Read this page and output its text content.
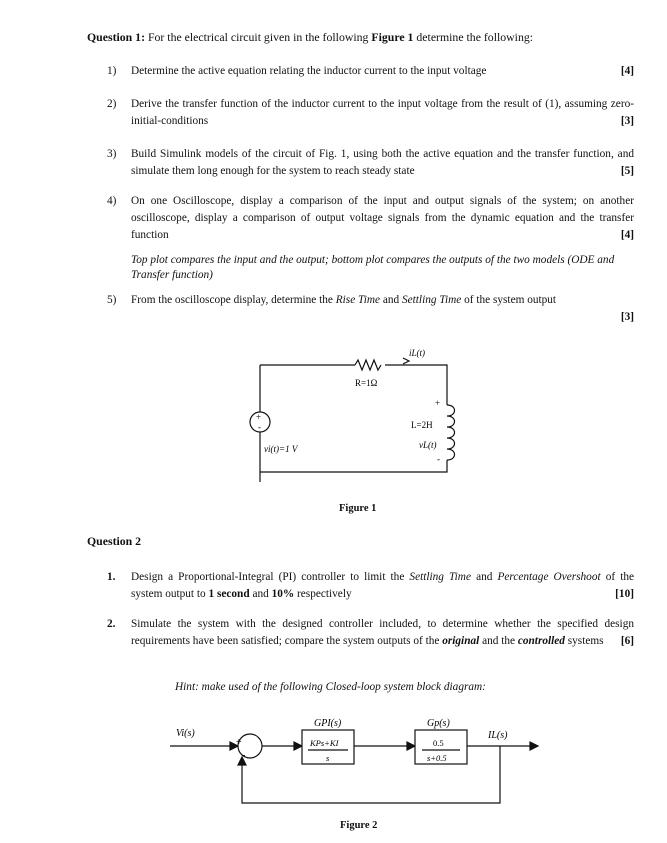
Question 1: For the electrical circuit given in the following Figure 1 determine the following:
1)	[4]
Determine the active equation relating the inductor current to the input voltage
2) Derive the transfer function of the inductor current to the input voltage from the result of (1), assuming zero-initial-conditions	[3]
3) Build Simulink models of the circuit of Fig. 1, using both the active equation and the transfer function, and simulate them long enough for the system to reach steady state	[5]
4) On one Oscilloscope, display a comparison of the input and output signals of the system; on another oscilloscope, display a comparison of output voltage signals from the dynamic equation and the transfer function	[4]
Top plot compares the input and the output; bottom plot compares the outputs of the two models (ODE and Transfer function)
5) From the oscilloscope display, determine the Rise Time and Settling Time of the system output
[3]
+
-
R=1Ω
iL(t)
+
L=2H
vL(t)
-
vi(t)=1 V
Figure 1
Question 2
1. Design a Proportional-Integral (PI) controller to limit the Settling Time and Percentage Overshoot of the system output to 1 second and 10% respectively	[10]
2. Simulate the system with the designed controller included, to determine whether the specified design requirements have been satisfied; compare the system outputs of the original and the controlled systems [6]
Hint: make used of the following Closed-loop system block diagram:
Vi(s)
+
-
GPI(s)
KPs+KI
s
Gp(s)
0.5
s+0.5
IL(s)
Figure 2
